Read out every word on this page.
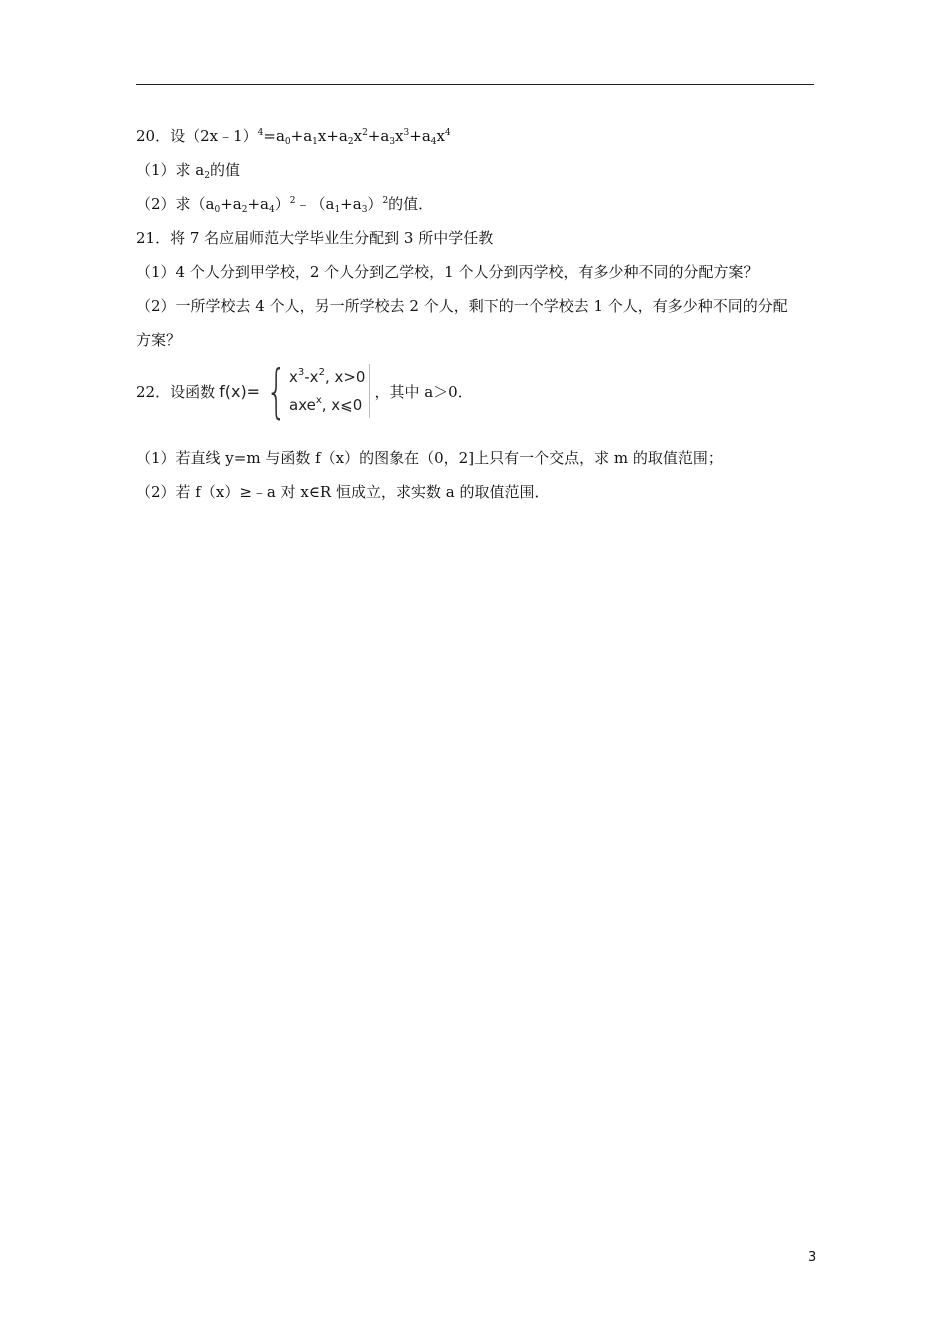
20．设$(2x﹣1)^4=a_0+a_1x+a_2x^2+a_3x^3+a_4x^4$
（1）求 $a_2$的值
（2）求$(a_0+a_2+a_4)^2﹣(a_1+a_3)^2$的值．
21．将 7 名应届师范大学毕业生分配到 3 所中学任教
（1）4 个人分到甲学校，2 个人分到乙学校，1 个人分到丙学校，有多少种不同的分配方案？
（2）一所学校去 4 个人，另一所学校去 2 个人，剩下的一个学校去 1 个人，有多少种不同的分配
方案？
22．设函数 f(x)= { $x^3-x^2$, x>0
axe$^x$, x⩽0
，其中 a＞0．
（1）若直线 y=m 与函数 f（x）的图象在（0，2]上只有一个交点，求 m 的取值范围；
（2）若 f（x）≥﹣a 对 x∈R 恒成立，求实数 a 的取值范围．
3
